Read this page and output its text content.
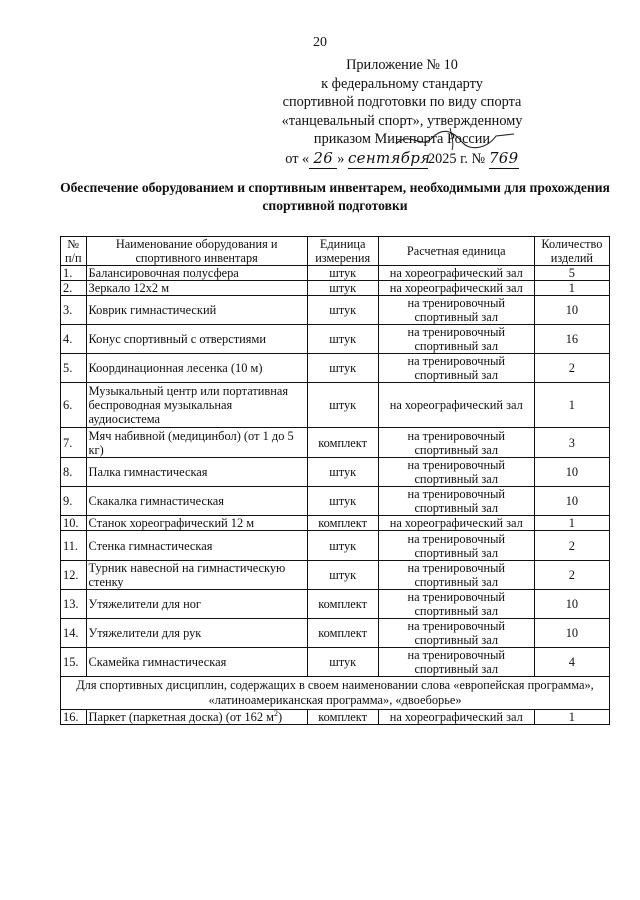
20
Приложение № 10
к федеральному стандарту
спортивной подготовки по виду спорта
«танцевальный спорт», утвержденному
приказом Минспорта России
от « 26 » сентября2025 г. № 769
Обеспечение оборудованием и спортивным инвентарем, необходимыми для прохождения спортивной подготовки
№ п/п	Наименование оборудования и спортивного инвентаря	Единица измерения	Расчетная единица	Количество изделий
1.	Балансировочная полусфера	штук	на хореографический зал	5
2.	Зеркало 12х2 м	штук	на хореографический зал	1
3.	Коврик гимнастический	штук	на тренировочный спортивный зал	10
4.	Конус спортивный с отверстиями	штук	на тренировочный спортивный зал	16
5.	Координационная лесенка (10 м)	штук	на тренировочный спортивный зал	2
6.	Музыкальный центр или портативная беспроводная музыкальная аудиосистема	штук	на хореографический зал	1
7.	Мяч набивной (медицинбол) (от 1 до 5 кг)	комплект	на тренировочный спортивный зал	3
8.	Палка гимнастическая	штук	на тренировочный спортивный зал	10
9.	Скакалка гимнастическая	штук	на тренировочный спортивный зал	10
10.	Станок хореографический 12 м	комплект	на хореографический зал	1
11.	Стенка гимнастическая	штук	на тренировочный спортивный зал	2
12.	Турник навесной на гимнастическую стенку	штук	на тренировочный спортивный зал	2
13.	Утяжелители для ног	комплект	на тренировочный спортивный зал	10
14.	Утяжелители для рук	комплект	на тренировочный спортивный зал	10
15.	Скамейка гимнастическая	штук	на тренировочный спортивный зал	4
Для спортивных дисциплин, содержащих в своем наименовании слова «европейская программа», «латиноамериканская программа», «двоеборье»				
16.	Паркет (паркетная доска) (от 162 $м^2$)	комплект	на хореографический зал	1
